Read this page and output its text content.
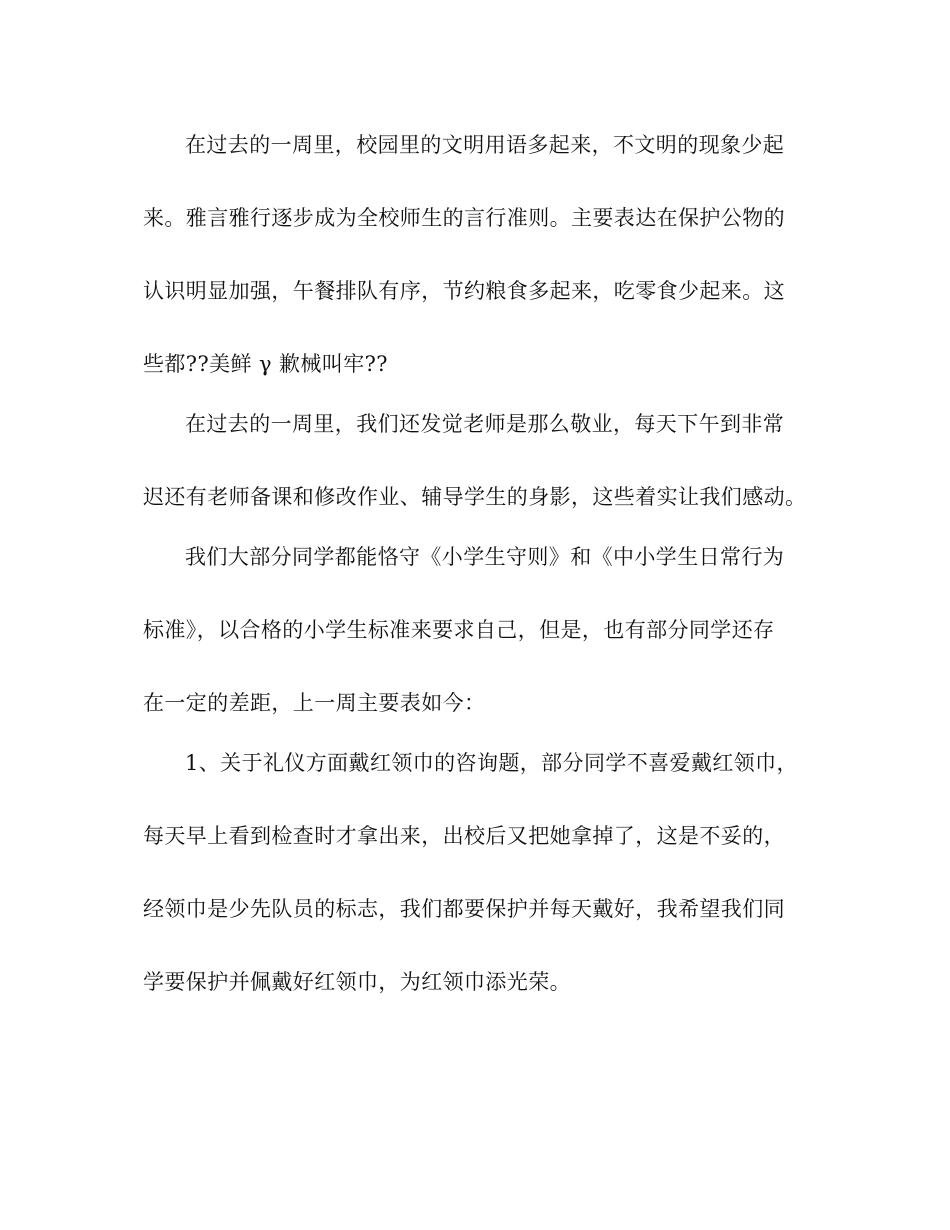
在过去的一周里，校园里的文明用语多起来，不文明的现象少起
来。雅言雅行逐步成为全校师生的言行准则。主要表达在保护公物的
认识明显加强，午餐排队有序，节约粮食多起来，吃零食少起来。这
些都??美鲜 γ 歉械叫牢??
在过去的一周里，我们还发觉老师是那么敬业，每天下午到非常
迟还有老师备课和修改作业、辅导学生的身影，这些着实让我们感动。
我们大部分同学都能恪守《小学生守则》和《中小学生日常行为
标准》，以合格的小学生标准来要求自己，但是，也有部分同学还存
在一定的差距，上一周主要表如今：
1、关于礼仪方面戴红领巾的咨询题，部分同学不喜爱戴红领巾，
每天早上看到检查时才拿出来，出校后又把她拿掉了，这是不妥的，
经领巾是少先队员的标志，我们都要保护并每天戴好，我希望我们同
学要保护并佩戴好红领巾，为红领巾添光荣。
